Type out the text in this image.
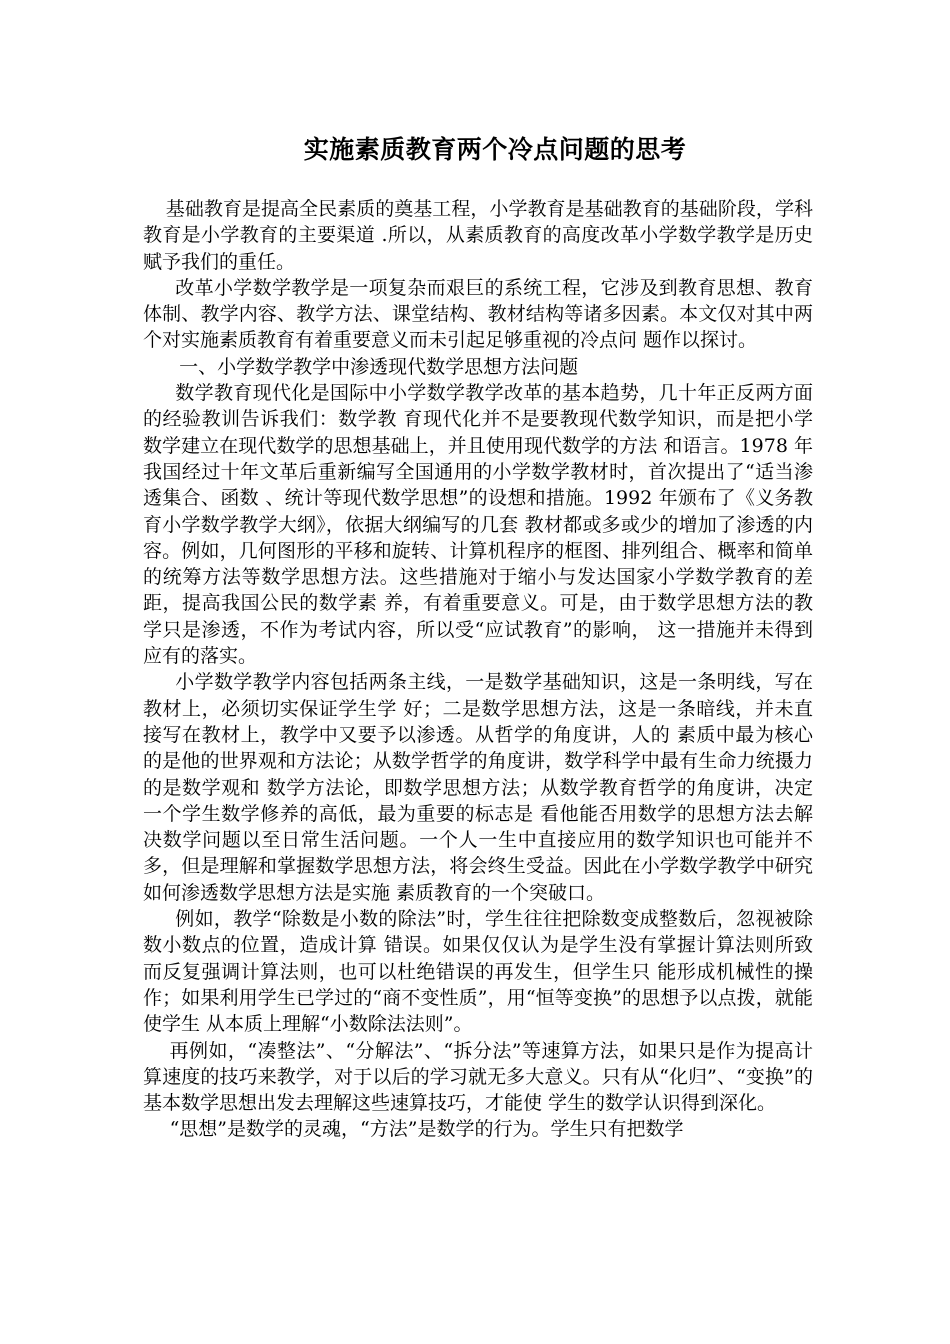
实施素质教育两个冷点问题的思考

基础教育是提高全民素质的奠基工程，小学教育是基础教育的基础阶段，学科教育是小学教育的主要渠道 .所以，从素质教育的高度改革小学数学教学是历史赋予我们的重任。

改革小学数学教学是一项复杂而艰巨的系统工程，它涉及到教育思想、教育体制、教学内容、教学方法、课堂结构、教材结构等诸多因素。本文仅对其中两个对实施素质教育有着重要意义而未引起足够重视的冷点问 题作以探讨。

一、小学数学教学中渗透现代数学思想方法问题

数学教育现代化是国际中小学数学教学改革的基本趋势，几十年正反两方面的经验教训告诉我们：数学教 育现代化并不是要教现代数学知识，而是把小学数学建立在现代数学的思想基础上，并且使用现代数学的方法 和语言。1978 年我国经过十年文革后重新编写全国通用的小学数学教材时，首次提出了“适当渗透集合、函数 、统计等现代数学思想”的设想和措施。1992 年颁布了《义务教育小学数学教学大纲》，依据大纲编写的几套 教材都或多或少的增加了渗透的内容。例如，几何图形的平移和旋转、计算机程序的框图、排列组合、概率和简单的统筹方法等数学思想方法。这些措施对于缩小与发达国家小学数学教育的差距，提高我国公民的数学素 养，有着重要意义。可是，由于数学思想方法的教学只是渗透，不作为考试内容，所以受“应试教育”的影响， 这一措施并未得到应有的落实。

小学数学教学内容包括两条主线，一是数学基础知识，这是一条明线，写在教材上，必须切实保证学生学 好；二是数学思想方法，这是一条暗线，并未直接写在教材上，教学中又要予以渗透。从哲学的角度讲，人的 素质中最为核心的是他的世界观和方法论；从数学哲学的角度讲，数学科学中最有生命力统摄力的是数学观和 数学方法论，即数学思想方法；从数学教育哲学的角度讲，决定一个学生数学修养的高低，最为重要的标志是 看他能否用数学的思想方法去解决数学问题以至日常生活问题。一个人一生中直接应用的数学知识也可能并不多，但是理解和掌握数学思想方法，将会终生受益。因此在小学数学教学中研究如何渗透数学思想方法是实施 素质教育的一个突破口。

例如，教学“除数是小数的除法”时，学生往往把除数变成整数后，忽视被除数小数点的位置，造成计算 错误。如果仅仅认为是学生没有掌握计算法则所致而反复强调计算法则，也可以杜绝错误的再发生，但学生只 能形成机械性的操作；如果利用学生已学过的“商不变性质”，用“恒等变换”的思想予以点拨，就能使学生 从本质上理解“小数除法法则”。

再例如，“凑整法”、“分解法”、“拆分法”等速算方法，如果只是作为提高计算速度的技巧来教学，对于以后的学习就无多大意义。只有从“化归”、“变换”的基本数学思想出发去理解这些速算技巧，才能使 学生的数学认识得到深化。

“思想”是数学的灵魂，“方法”是数学的行为。学生只有把数学
